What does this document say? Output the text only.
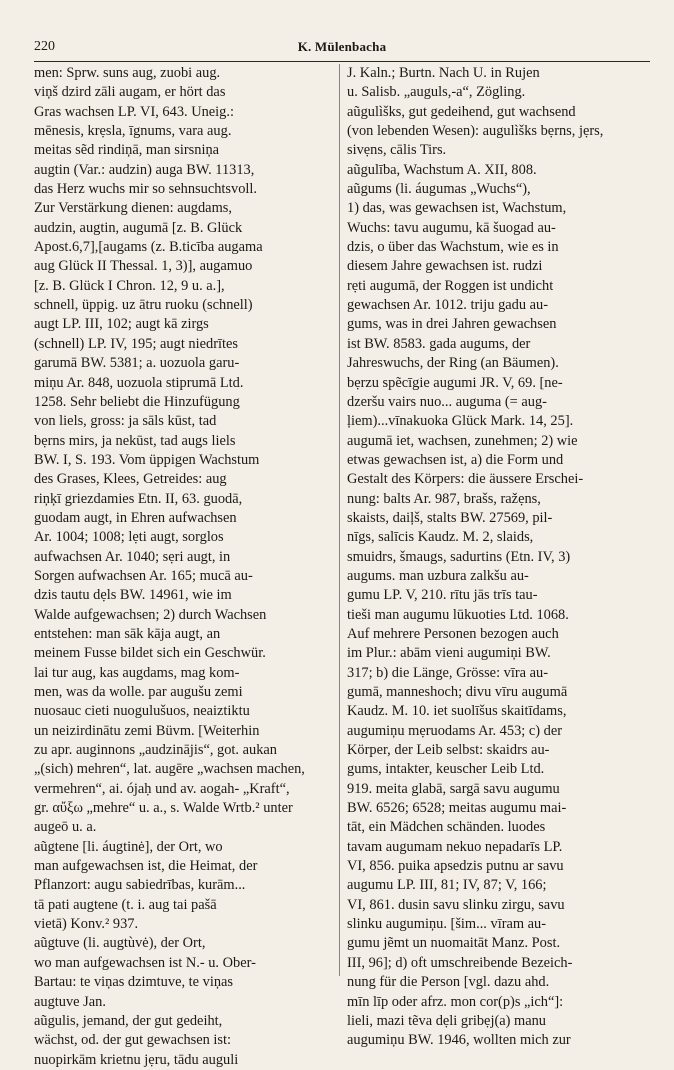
220	K. Mülenbacha
men: Sprw. suns aug, zuobi aug.
viņš dzird zāli augam, er hört das
Gras wachsen LP. VI, 643. Uneig.:
mēnesis, krẹsla, īgnums, vara aug.
meitas sẽd rindiņā, man sirsniņa
augtin (Var.: audzin) auga BW. 11313,
das Herz wuchs mir so sehnsuchtsvoll.
Zur Verstärkung dienen: augdams,
audzin, augtin, augumā [z. B. Glück
Apost.6,7],[augams (z. B.ticība augama
aug Glück II Thessal. 1, 3)], augamuo
[z. B. Glück I Chron. 12, 9 u. a.],
schnell, üppig. uz ātru ruoku (schnell)
augt LP. III, 102; augt kā zirgs
(schnell) LP. IV, 195; augt niedrītes
garumā BW. 5381; a. uozuola garu-
miņu Ar. 848, uozuola stiprumā Ltd.
1258. Sehr beliebt die Hinzufügung
von liels, gross: ja sāls kūst, tad
bẹrns mirs, ja nekūst, tad augs liels
BW. I, S. 193. Vom üppigen Wachstum
des Grases, Klees, Getreides: aug
riņķī griezdamies Etn. II, 63. guodā,
guodam augt, in Ehren aufwachsen
Ar. 1004; 1008; lẹti augt, sorglos
aufwachsen Ar. 1040; sẹri augt, in
Sorgen aufwachsen Ar. 165; mucā au-
dzis tautu dẹls BW. 14961, wie im
Walde aufgewachsen; 2) durch Wachsen
entstehen: man sāk kāja augt, an
meinem Fusse bildet sich ein Geschwür.
lai tur aug, kas augdams, mag kom-
men, was da wolle. par augušu zemi
nuosauc cieti nuogulušuos, neaiztiktu
un neizirdinātu zemi Büvm. [Weiterhin
zu apr. auginnons „audzinājis“, got. aukan
„(sich) mehren“, lat. augēre „wachsen machen,
vermehren“, ai. ójaḥ und av. aogah- „Kraft“,
gr. αὔξω „mehre“ u. a., s. Walde Wrtb.² unter
augeō u. a.
aũgtene [li. áugtinė], der Ort, wo
man aufgewachsen ist, die Heimat, der
Pflanzort: augu sabiedrības, kurām...
tā pati augtene (t. i. aug tai pašā
vietā) Konv.² 937.
aũgtuve (li. augtùvė), der Ort,
wo man aufgewachsen ist N.- u. Ober-
Bartau: te viņas dzimtuve, te viņas
augtuve Jan.
aũgulis, jemand, der gut gedeiht,
wächst, od. der gut gewachsen ist:
nuopirkām krietnu jẹru, tādu auguli
J. Kaln.; Burtn. Nach U. in Rujen
u. Salisb. „auguls,-a“, Zögling.
aũgulìšks, gut gedeihend, gut wachsend
(von lebenden Wesen): augulìšks bẹrns, jẹrs,
sivẹns, cālis Tirs.
aũgulība, Wachstum A. XII, 808.
aũgums (li. áugumas „Wuchs“),
1) das, was gewachsen ist, Wachstum,
Wuchs: tavu augumu, kā šuogad au-
dzis, o über das Wachstum, wie es in
diesem Jahre gewachsen ist. rudzi
rẹti augumā, der Roggen ist undicht
gewachsen Ar. 1012. triju gadu au-
gums, was in drei Jahren gewachsen
ist BW. 8583. gada augums, der
Jahreswuchs, der Ring (an Bäumen).
bẹrzu spẽcīgie augumi JR. V, 69. [ne-
dzeršu vairs nuo... auguma (= aug-
ļiem)...vīnakuoka Glück Mark. 14, 25].
augumā iet, wachsen, zunehmen; 2) wie
etwas gewachsen ist, a) die Form und
Gestalt des Körpers: die äussere Erschei-
nung: balts Ar. 987, brašs, ražẹns,
skaists, daiļš, stalts BW. 27569, pil-
nīgs, salīcis Kaudz. M. 2, slaids,
smuidrs, šmaugs, sadurtins (Etn. IV, 3)
augums. man uzbura zalkšu au-
gumu LP. V, 210. rītu jās trīs tau-
tieši man augumu lūkuoties Ltd. 1068.
Auf mehrere Personen bezogen auch
im Plur.: abām vieni augumiņi BW.
317; b) die Länge, Grösse: vīra au-
gumā, manneshoch; divu vīru augumā
Kaudz. M. 10. iet suolīšus skaitīdams,
augumiņu mẹruodams Ar. 453; c) der
Körper, der Leib selbst: skaidrs au-
gums, intakter, keuscher Leib Ltd.
919. meita glabā, sargā savu augumu
BW. 6526; 6528; meitas augumu mai-
tāt, ein Mädchen schänden. luodes
tavam augumam nekuo nepadarīs LP.
VI, 856. puika apsedzis putnu ar savu
augumu LP. III, 81; IV, 87; V, 166;
VI, 861. dusin savu slinku zirgu, savu
slinku augumiņu. [šim... vīram au-
gumu jẽmt un nuomaitāt Manz. Post.
III, 96]; d) oft umschreibende Bezeich-
nung für die Person [vgl. dazu ahd.
mīn līp oder afrz. mon cor(p)s „ich“]:
lieli, mazi tẽva dẹli gribẹj(a) manu
augumiņu BW. 1946, wollten mich zur
